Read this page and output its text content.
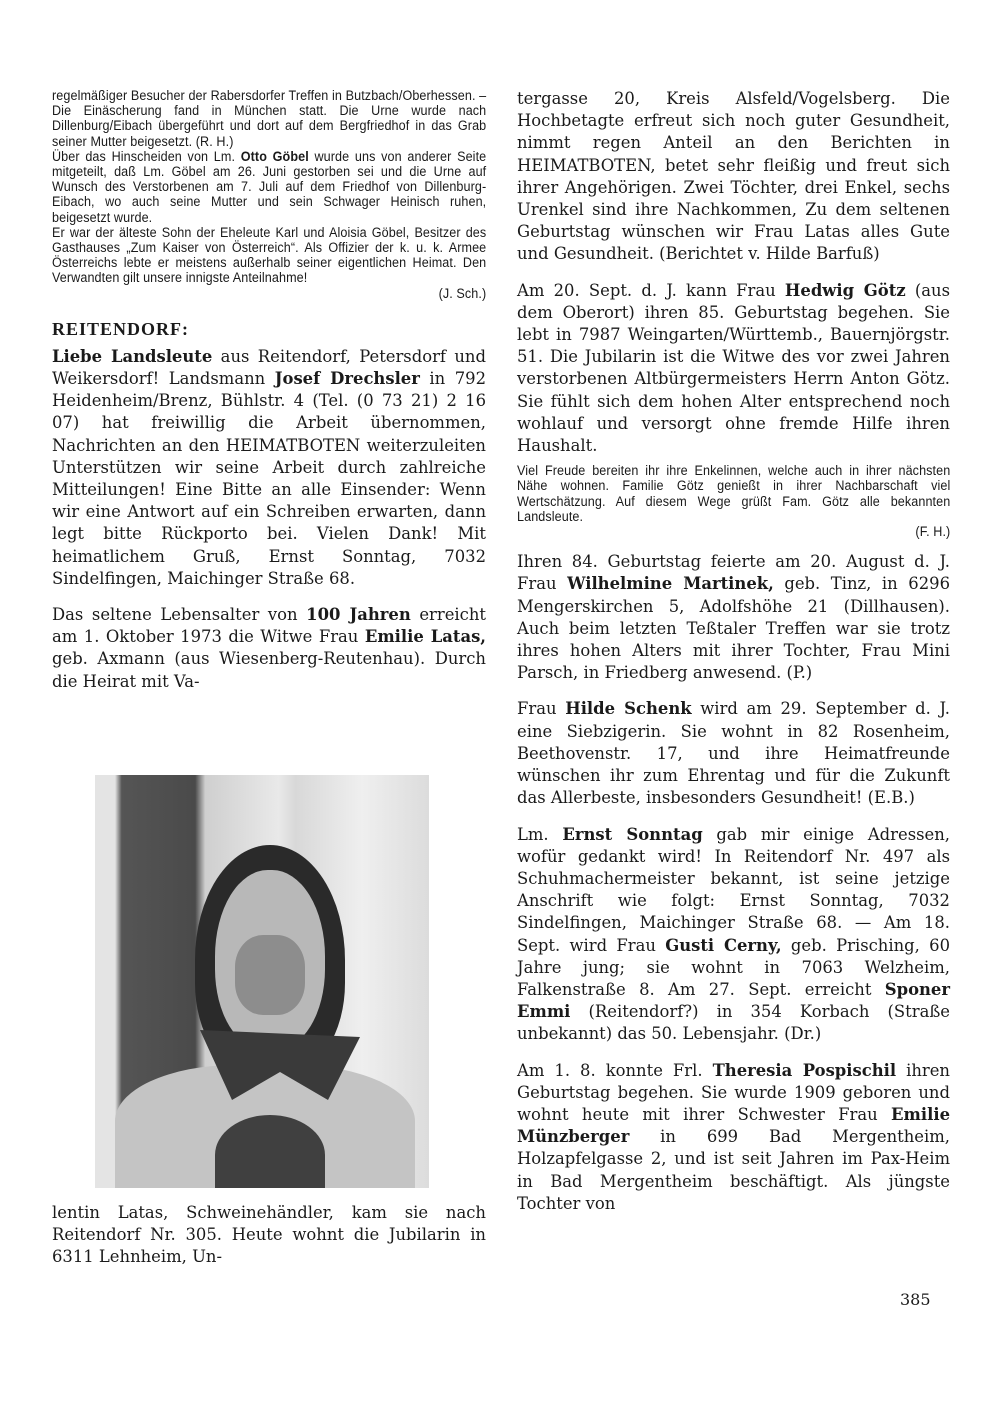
regelmäßiger Besucher der Rabersdorfer Treffen in Butzbach/Oberhessen. – Die Einäscherung fand in München statt. Die Urne wurde nach Dillenburg/Eibach übergeführt und dort auf dem Bergfriedhof in das Grab seiner Mutter beigesetzt. (R. H.)

Über das Hinscheiden von Lm. Otto Göbel wurde uns von anderer Seite mitgeteilt, daß Lm. Göbel am 26. Juni gestorben sei und die Urne auf Wunsch des Verstorbenen am 7. Juli auf dem Friedhof von Dillenburg-Eibach, wo auch seine Mutter und sein Schwager Heinisch ruhen, beigesetzt wurde.

Er war der älteste Sohn der Eheleute Karl und Aloisia Göbel, Besitzer des Gasthauses „Zum Kaiser von Österreich“. Als Offizier der k. u. k. Armee Österreichs lebte er meistens außerhalb seiner eigentlichen Heimat. Den Verwandten gilt unsere innigste Anteilnahme!

(J. Sch.)

REITENDORF:

Liebe Landsleute aus Reitendorf, Petersdorf und Weikersdorf! Landsmann Josef Drechsler in 792 Heidenheim/Brenz, Bühlstr. 4 (Tel. (0 73 21) 2 16 07) hat freiwillig die Arbeit übernommen, Nachrichten an den HEIMATBOTEN weiterzuleiten Unterstützen wir seine Arbeit durch zahlreiche Mitteilungen! Eine Bitte an alle Einsender: Wenn wir eine Antwort auf ein Schreiben erwarten, dann legt bitte Rückporto bei. Vielen Dank! Mit heimatlichem Gruß, Ernst Sonntag, 7032 Sindelfingen, Maichinger Straße 68.

Das seltene Lebensalter von 100 Jahren erreicht am 1. Oktober 1973 die Witwe Frau Emilie Latas, geb. Axmann (aus Wiesenberg-Reutenhau). Durch die Heirat mit Va-

lentin Latas, Schweinehändler, kam sie nach Reitendorf Nr. 305. Heute wohnt die Jubilarin in 6311 Lehnheim, Un-

tergasse 20, Kreis Alsfeld/Vogelsberg. Die Hochbetagte erfreut sich noch guter Gesundheit, nimmt regen Anteil an den Berichten in HEIMATBOTEN, betet sehr fleißig und freut sich ihrer Angehörigen. Zwei Töchter, drei Enkel, sechs Urenkel sind ihre Nachkommen, Zu dem seltenen Geburtstag wünschen wir Frau Latas alles Gute und Gesundheit. (Berichtet v. Hilde Barfuß)

Am 20. Sept. d. J. kann Frau Hedwig Götz (aus dem Oberort) ihren 85. Geburtstag begehen. Sie lebt in 7987 Weingarten/Württemb., Bauernjörgstr. 51. Die Jubilarin ist die Witwe des vor zwei Jahren verstorbenen Altbürgermeisters Herrn Anton Götz. Sie fühlt sich dem hohen Alter entsprechend noch wohlauf und versorgt ohne fremde Hilfe ihren Haushalt.

Viel Freude bereiten ihr ihre Enkelinnen, welche auch in ihrer nächsten Nähe wohnen. Familie Götz genießt in ihrer Nachbarschaft viel Wertschätzung. Auf diesem Wege grüßt Fam. Götz alle bekannten Landsleute.

(F. H.)

Ihren 84. Geburtstag feierte am 20. August d. J. Frau Wilhelmine Martinek, geb. Tinz, in 6296 Mengerskirchen 5, Adolfshöhe 21 (Dillhausen). Auch beim letzten Teßtaler Treffen war sie trotz ihres hohen Alters mit ihrer Tochter, Frau Mini Parsch, in Friedberg anwesend. (P.)

Frau Hilde Schenk wird am 29. September d. J. eine Siebzigerin. Sie wohnt in 82 Rosenheim, Beethovenstr. 17, und ihre Heimatfreunde wünschen ihr zum Ehrentag und für die Zukunft das Allerbeste, insbesonders Gesundheit! (E.B.)

Lm. Ernst Sonntag gab mir einige Adressen, wofür gedankt wird! In Reitendorf Nr. 497 als Schuhmachermeister bekannt, ist seine jetzige Anschrift wie folgt: Ernst Sonntag, 7032 Sindelfingen, Maichinger Straße 68. — Am 18. Sept. wird Frau Gusti Cerny, geb. Prisching, 60 Jahre jung; sie wohnt in 7063 Welzheim, Falkenstraße 8. Am 27. Sept. erreicht Sponer Emmi (Reitendorf?) in 354 Korbach (Straße unbekannt) das 50. Lebensjahr. (Dr.)

Am 1. 8. konnte Frl. Theresia Pospischil ihren Geburtstag begehen. Sie wurde 1909 geboren und wohnt heute mit ihrer Schwester Frau Emilie Münzberger in 699 Bad Mergentheim, Holzapfelgasse 2, und ist seit Jahren im Pax-Heim in Bad Mergentheim beschäftigt. Als jüngste Tochter von

385
